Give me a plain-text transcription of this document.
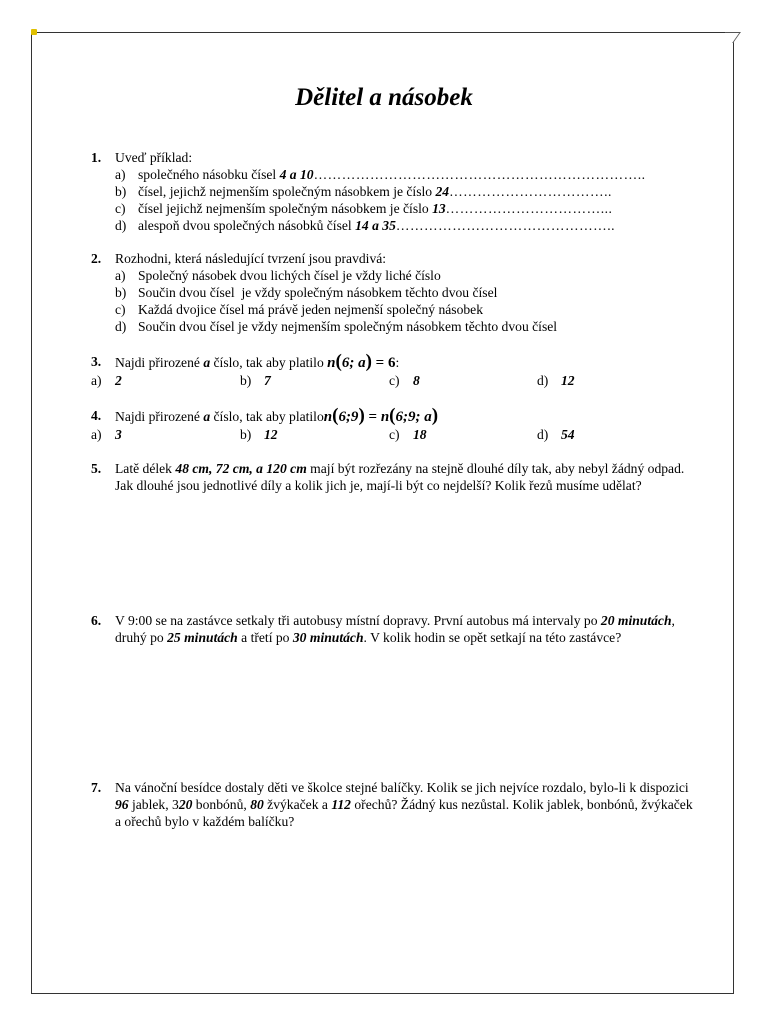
Dělitel a násobek
1. Uveď příklad:
a) společného násobku čísel 4 a 10……………………………………………………………..
b) čísel, jejichž nejmenším společným násobkem je číslo 24……………………………..
c) čísel jejichž nejmenším společným násobkem je číslo 13……………………………...
d) alespoň dvou společných násobků čísel 14 a 35………………………………………..
2. Rozhodni, která následující tvrzení jsou pravdivá:
a) Společný násobek dvou lichých čísel je vždy liché číslo
b) Součin dvou čísel  je vždy společným násobkem těchto dvou čísel
c) Každá dvojice čísel má právě jeden nejmenší společný násobek
d) Součin dvou čísel je vždy nejmenším společným násobkem těchto dvou čísel
3. Najdi přirozené a číslo, tak aby platilo n(6; a) = 6:
a) 2	b) 7	c) 8	d) 12
4. Najdi přirozené a číslo, tak aby platilon(6;9) = n(6;9; a)
a) 3	b) 12	c) 18	d) 54
5. Latě délek 48 cm, 72 cm, a 120 cm mají být rozřezány na stejně dlouhé díly tak, aby nebyl žádný odpad. Jak dlouhé jsou jednotlivé díly a kolik jich je, mají-li být co nejdelší? Kolik řezů musíme udělat?
6. V 9:00 se na zastávce setkaly tři autobusy místní dopravy. První autobus má intervaly po 20 minutách, druhý po 25 minutách a třetí po 30 minutách. V kolik hodin se opět setkají na této zastávce?
7. Na vánoční besídce dostaly děti ve školce stejné balíčky. Kolik se jich nejvíce rozdalo, bylo-li k dispozici 96 jablek, 320 bonbónů, 80 žvýkaček a 112 ořechů? Žádný kus nezůstal. Kolik jablek, bonbónů, žvýkaček a ořechů bylo v každém balíčku?
